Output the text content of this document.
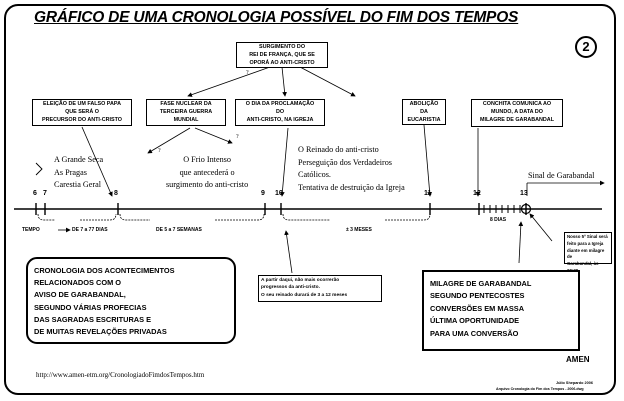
GRÁFICO DE UMA CRONOLOGIA POSSÍVEL DO FIM DOS TEMPOS
2
?
?
?
SURGIMENTO DO
REI DE FRANÇA, QUE SE
OPORÁ AO ANTI-CRISTO
ELEIÇÃO DE UM FALSO PAPA
QUE SERÁ O
PRECURSOR DO ANTI-CRISTO
FASE NUCLEAR DA
TERCEIRA GUERRA
MUNDIAL
O DIA DA PROCLAMAÇÃO
DO
ANTI-CRISTO, NA IGREJA
ABOLIÇÃO
DA
EUCARISTIA
CONCHITA COMUNICA AO
MUNDO, A DATA DO
MILAGRE DE GARABANDAL
A Grande Seca
As Pragas
Carestia Geral
O Frio Intenso
que antecederá o
surgimento do anti-cristo
O Reinado do anti-cristo
Perseguição dos Verdadeiros
Católicos.
Tentativa de destruição da Igreja
Sinal de Garabandal
6 7	8	9 10	11	12	13
TEMPO	DE 7 a 77 DIAS	DE 5 a 7 SEMANAS	± 3 MESES
8 DIAS
A partir daqui, não mais ocorrerão
progressos da anti-cristo.
O seu reinado durará de 3 a 12 meses
Nosso 5º Sinal será
feito para a Igreja
diante em milagre de
Garabandal, às 20:30
CRONOLOGIA DOS ACONTECIMENTOS
RELACIONADOS COM O
AVISO DE GARABANDAL,
SEGUNDO VÁRIAS PROFECIAS
DAS SAGRADAS ESCRITURAS E
DE MUITAS REVELAÇÕES PRIVADAS
MILAGRE DE GARABANDAL
SEGUNDO PENTECOSTES
CONVERSÕES EM MASSA
ÚLTIMA OPORTUNIDADE
PARA UMA CONVERSÃO
http://www.amen-etm.org/CronologiadoFimdosTempos.htm
AMEN
Júlio Shepardo 2006
Arquivo Cronologia do Fim dos Tempos - 2006.dwg
